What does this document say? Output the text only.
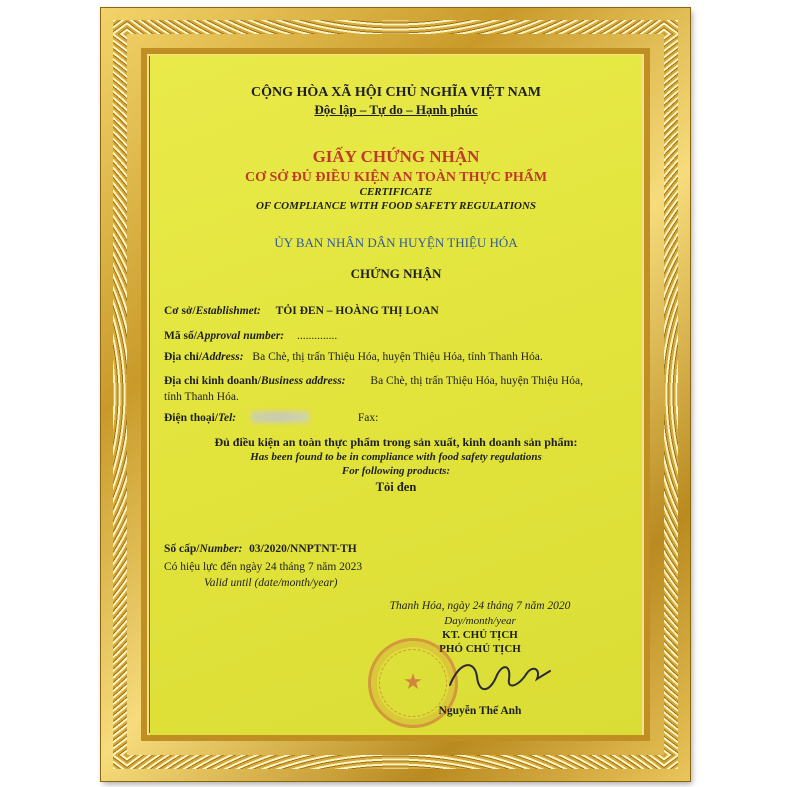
CỘNG HÒA XÃ HỘI CHỦ NGHĨA VIỆT NAM
Độc lập – Tự do – Hạnh phúc
GIẤY CHỨNG NHẬN
CƠ SỞ ĐỦ ĐIỀU KIỆN AN TOÀN THỰC PHẨM
CERTIFICATE
OF COMPLIANCE WITH FOOD SAFETY REGULATIONS
ỦY BAN NHÂN DÂN HUYỆN THIỆU HÓA
CHỨNG NHẬN
Cơ sở/Establishmet: TỎI ĐEN – HOÀNG THỊ LOAN
Mã số/Approval number: ..............
Địa chỉ/Address: Ba Chè, thị trấn Thiệu Hóa, huyện Thiệu Hóa, tỉnh Thanh Hóa.
Địa chỉ kinh doanh/Business address: Ba Chè, thị trấn Thiệu Hóa, huyện Thiệu Hóa,
tỉnh Thanh Hóa.
Điện thoại/Tel:	Fax:
Đủ điều kiện an toàn thực phẩm trong sản xuất, kinh doanh sản phẩm:
Has been found to be in compliance with food safety regulations
For following products:
Tỏi đen
Số cấp/Number: 03/2020/NNPTNT-TH
Có hiệu lực đến ngày 24 tháng 7 năm 2023
Valid until (date/month/year)
Thanh Hóa, ngày 24 tháng 7 năm 2020
Day/month/year
KT. CHỦ TỊCH
PHÓ CHỦ TỊCH
★
Nguyễn Thế Anh
